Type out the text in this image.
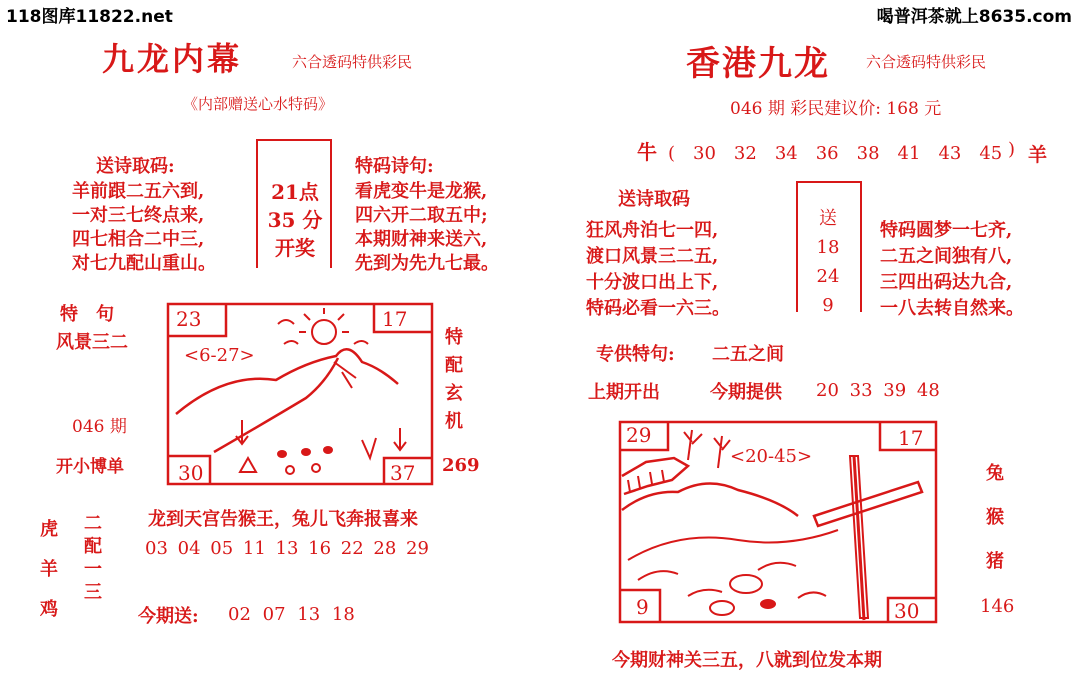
118图库11822.net	喝普洱茶就上8635.com
九龙内幕	六合透码特供彩民
《内部赠送心水特码》
送诗取码:
羊前跟二五六到,
一对三七终点来,
四七相合二中三,
对七九配山重山。
21点
35 分
开奖
特码诗句:
看虎变牛是龙猴,
四六开二取五中;
本期财神来送六,
先到为先九七最。
特　句
风景三二
046 期
开小博单
23	17
30	37
<6-27>
特
配
玄
机
269
虎
羊
鸡
二
配
一
三
龙到天宫告猴王，兔儿飞奔报喜来
03 04 05 11 13 16 22 28 29
今期送: 02 07 13 18
香港九龙 六合透码特供彩民
046 期 彩民建议价: 168 元
牛 (　30　32　34　36　38　41　43　45 ) 羊
送诗取码
狂风舟泊七一四,
渡口风景三二五,
十分波口出上下,
特码必看一六三。
送
18
24
9
特码圆梦一七齐,
二五之间独有八,
三四出码达九合,
一八去转自然来。
专供特句: 二五之间
上期开出	今期提供 20 33 39 48
29	17
9	30
<20-45>
兔
猴
猪
146
今期财神关三五，八就到位发本期
